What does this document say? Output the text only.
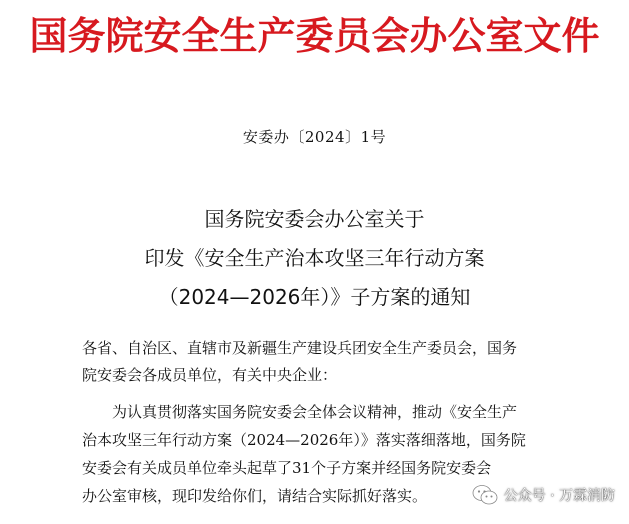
国务院安全生产委员会办公室文件
安委办〔2024〕1号
国务院安委会办公室关于
印发《安全生产治本攻坚三年行动方案
（2024—2026年）》子方案的通知
各省、自治区、直辖市及新疆生产建设兵团安全生产委员会，国务
院安委会各成员单位，有关中央企业：
　　为认真贯彻落实国务院安委会全体会议精神，推动《安全生产
治本攻坚三年行动方案（2024—2026年）》落实落细落地，国务院
安委会有关成员单位牵头起草了31个子方案并经国务院安委会
办公室审核，现印发给你们，请结合实际抓好落实。	公众号 · 万霖消防
